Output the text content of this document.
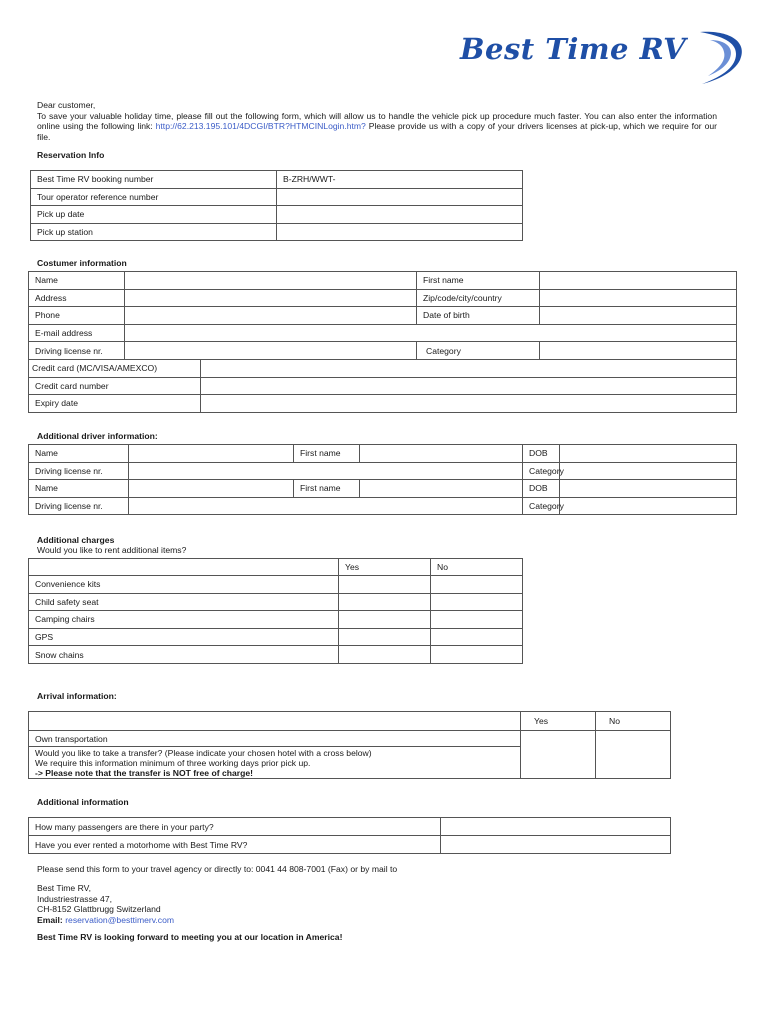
Best Time RV
Dear customer,
To save your valuable holiday time, please fill out the following form, which will allow us to handle the vehicle pick up procedure much faster. You can also enter the information online using the following link: http://62.213.195.101/4DCGI/BTR?HTMCINLogin.htm? Please provide us with a copy of your drivers licenses at pick-up, which we require for our file.
Reservation Info
Best Time RV booking number	B-ZRH/WWT-
Tour operator reference number	
Pick up date	
Pick up station	
Costumer information
Name			First name	
Address			Zip/code/city/country	
Phone			Date of birth	
E-mail address				
Driving license nr.			Category	
Credit card (MC/VISA/AMEXCO)				
Credit card number				
Expiry date				
Additional driver information:
Name		First name		DOB	
Driving license nr.				Category	
Name		First name		DOB	
Driving license nr.				Category	
Additional charges
Would you like to rent additional items?
	Yes	No
Convenience kits		
Child safety seat		
Camping chairs		
GPS		
Snow chains		
Arrival information:
	Yes	No
Own transportation		

Would you like to take a transfer? (Please indicate your chosen hotel with a cross below)
We require this information minimum of three working days prior pick up.
-> Please note that the transfer is NOT free of charge!		
Additional information
How many passengers are there in your party?	
Have you ever rented a motorhome with Best Time RV?	
Please send this form to your travel agency or directly to: 0041 44 808-7001 (Fax) or by mail to
Best Time RV,
Industriestrasse 47,
CH-8152 Glattbrugg Switzerland
Email: reservation@besttimerv.com
Best Time RV is looking forward to meeting you at our location in America!
